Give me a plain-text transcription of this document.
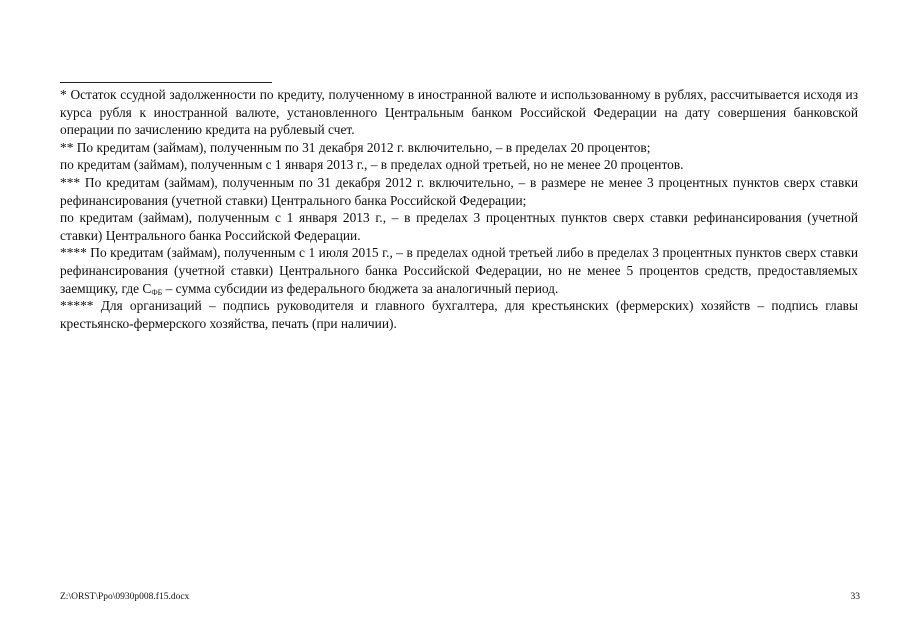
* Остаток ссудной задолженности по кредиту, полученному в иностранной валюте и использованному в рублях, рассчитывается исходя из курса рубля к иностранной валюте, установленного Центральным банком Российской Федерации на дату совершения банковской операции по зачислению кредита на рублевый счет.

** По кредитам (займам), полученным по 31 декабря 2012 г. включительно, – в пределах 20 процентов;

по кредитам (займам), полученным с 1 января 2013 г., – в пределах одной третьей, но не менее 20 процентов.

*** По кредитам (займам), полученным по 31 декабря 2012 г. включительно, – в размере не менее 3 процентных пунктов сверх ставки рефинансирования (учетной ставки) Центрального банка Российской Федерации;

по кредитам (займам), полученным с 1 января 2013 г., – в пределах 3 процентных пунктов сверх ставки рефинансирования (учетной ставки) Центрального банка Российской Федерации.

**** По кредитам (займам), полученным с 1 июля 2015 г., – в пределах одной третьей либо в пределах 3 процентных пунктов сверх ставки рефинансирования (учетной ставки) Центрального банка Российской Федерации, но не менее 5 процентов средств, предоставляемых заемщику, где $С_{ФБ}$ – сумма субсидии из федерального бюджета за аналогичный период.

***** Для организаций – подпись руководителя и главного бухгалтера, для крестьянских (фермерских) хозяйств – подпись главы крестьянско-фермерского хозяйства, печать (при наличии).

Z:\ORST\Ppo\0930p008.f15.docx	33
